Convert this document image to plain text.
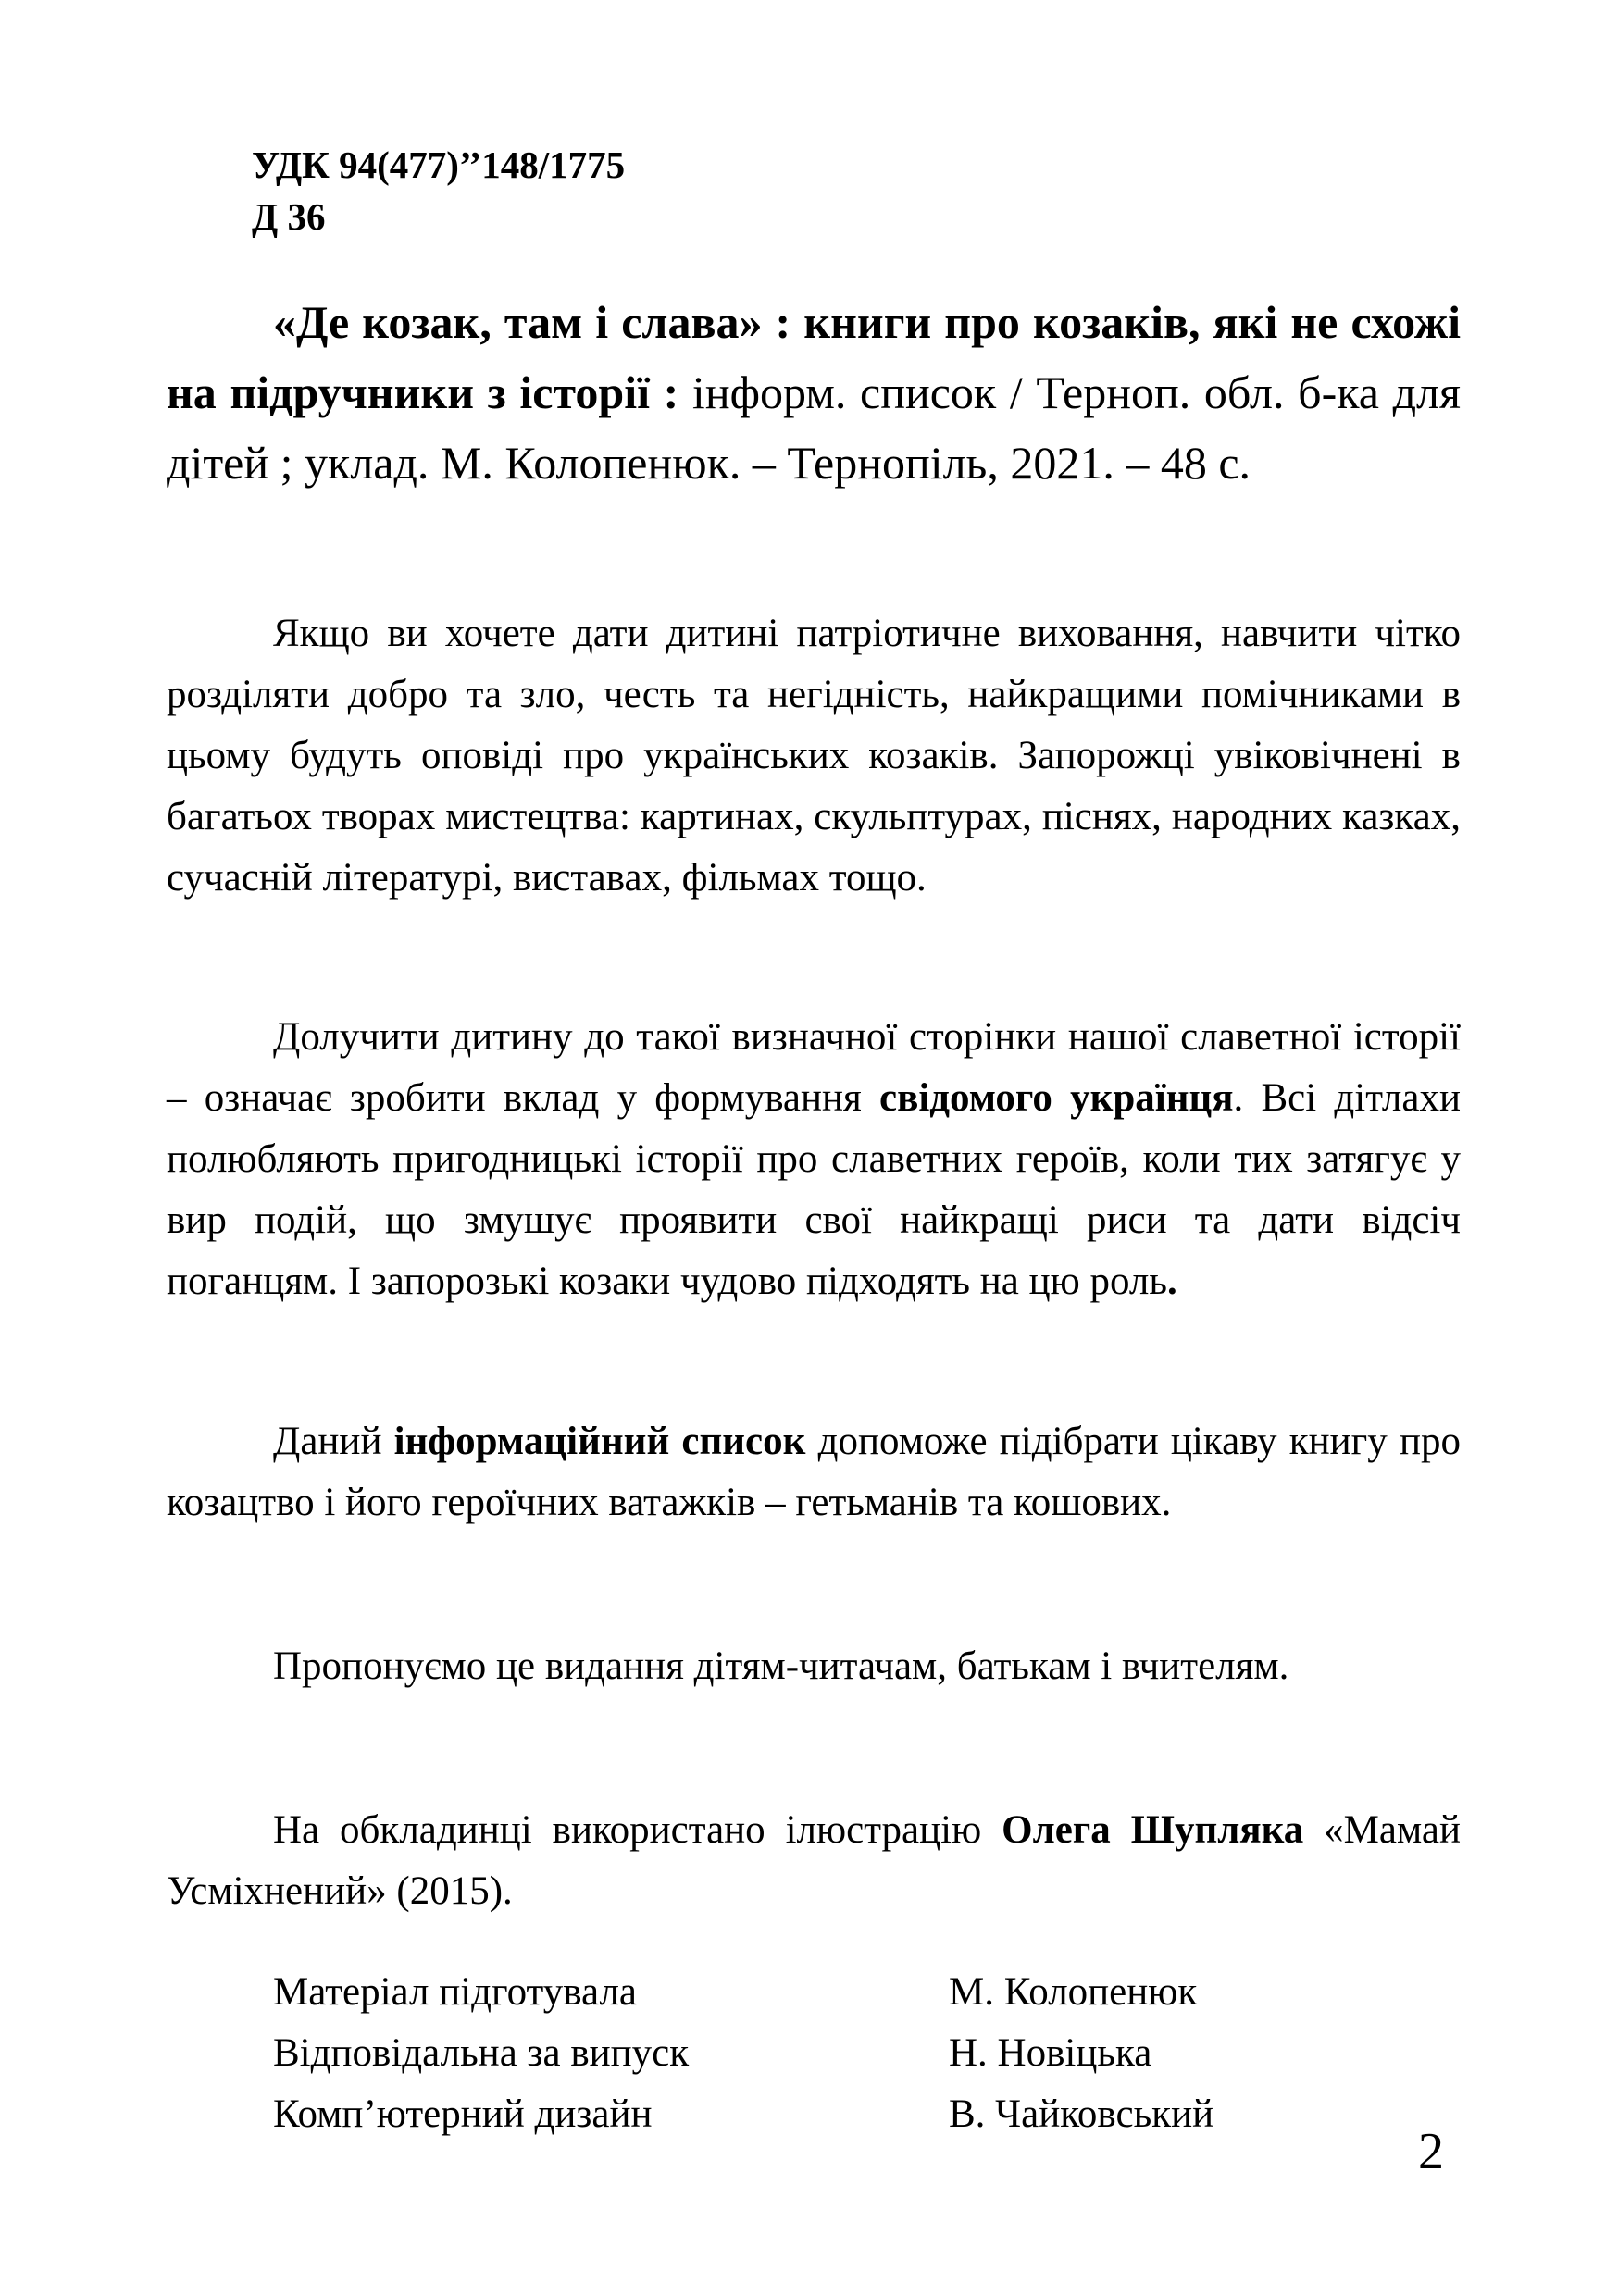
УДК 94(477)’’148/1775
Д 36

«Де козак, там і слава» : книги про козаків, які не схожі на підручники з історії : інформ. список / Терноп. обл. б-ка для дітей ; уклад. М. Колопенюк. – Тернопіль, 2021. – 48 с.

Якщо ви хочете дати дитині патріотичне виховання, навчити чітко розділяти добро та зло, честь та негідність, найкращими помічниками в цьому будуть оповіді про українських козаків. Запорожці увіковічнені в багатьох творах мистецтва: картинах, скульптурах, піснях, народних казках, сучасній літературі, виставах, фільмах тощо.

Долучити дитину до такої визначної сторінки нашої славетної історії – означає зробити вклад у формування свідомого українця. Всі дітлахи полюбляють пригодницькі історії про славетних героїв, коли тих затягує у вир подій, що змушує проявити свої найкращі риси та дати відсіч поганцям. І запорозькі козаки чудово підходять на цю роль.

Даний інформаційний список допоможе підібрати цікаву книгу про козацтво і його героїчних ватажків – гетьманів та кошових.

Пропонуємо це видання дітям-читачам, батькам і вчителям.

На обкладинці використано ілюстрацію Олега Шупляка «Мамай Усміхнений» (2015).

Матеріал підготувала	М. Колопенюк
Відповідальна за випуск	Н. Новіцька
Комп’ютерний дизайн	В. Чайковський
2
